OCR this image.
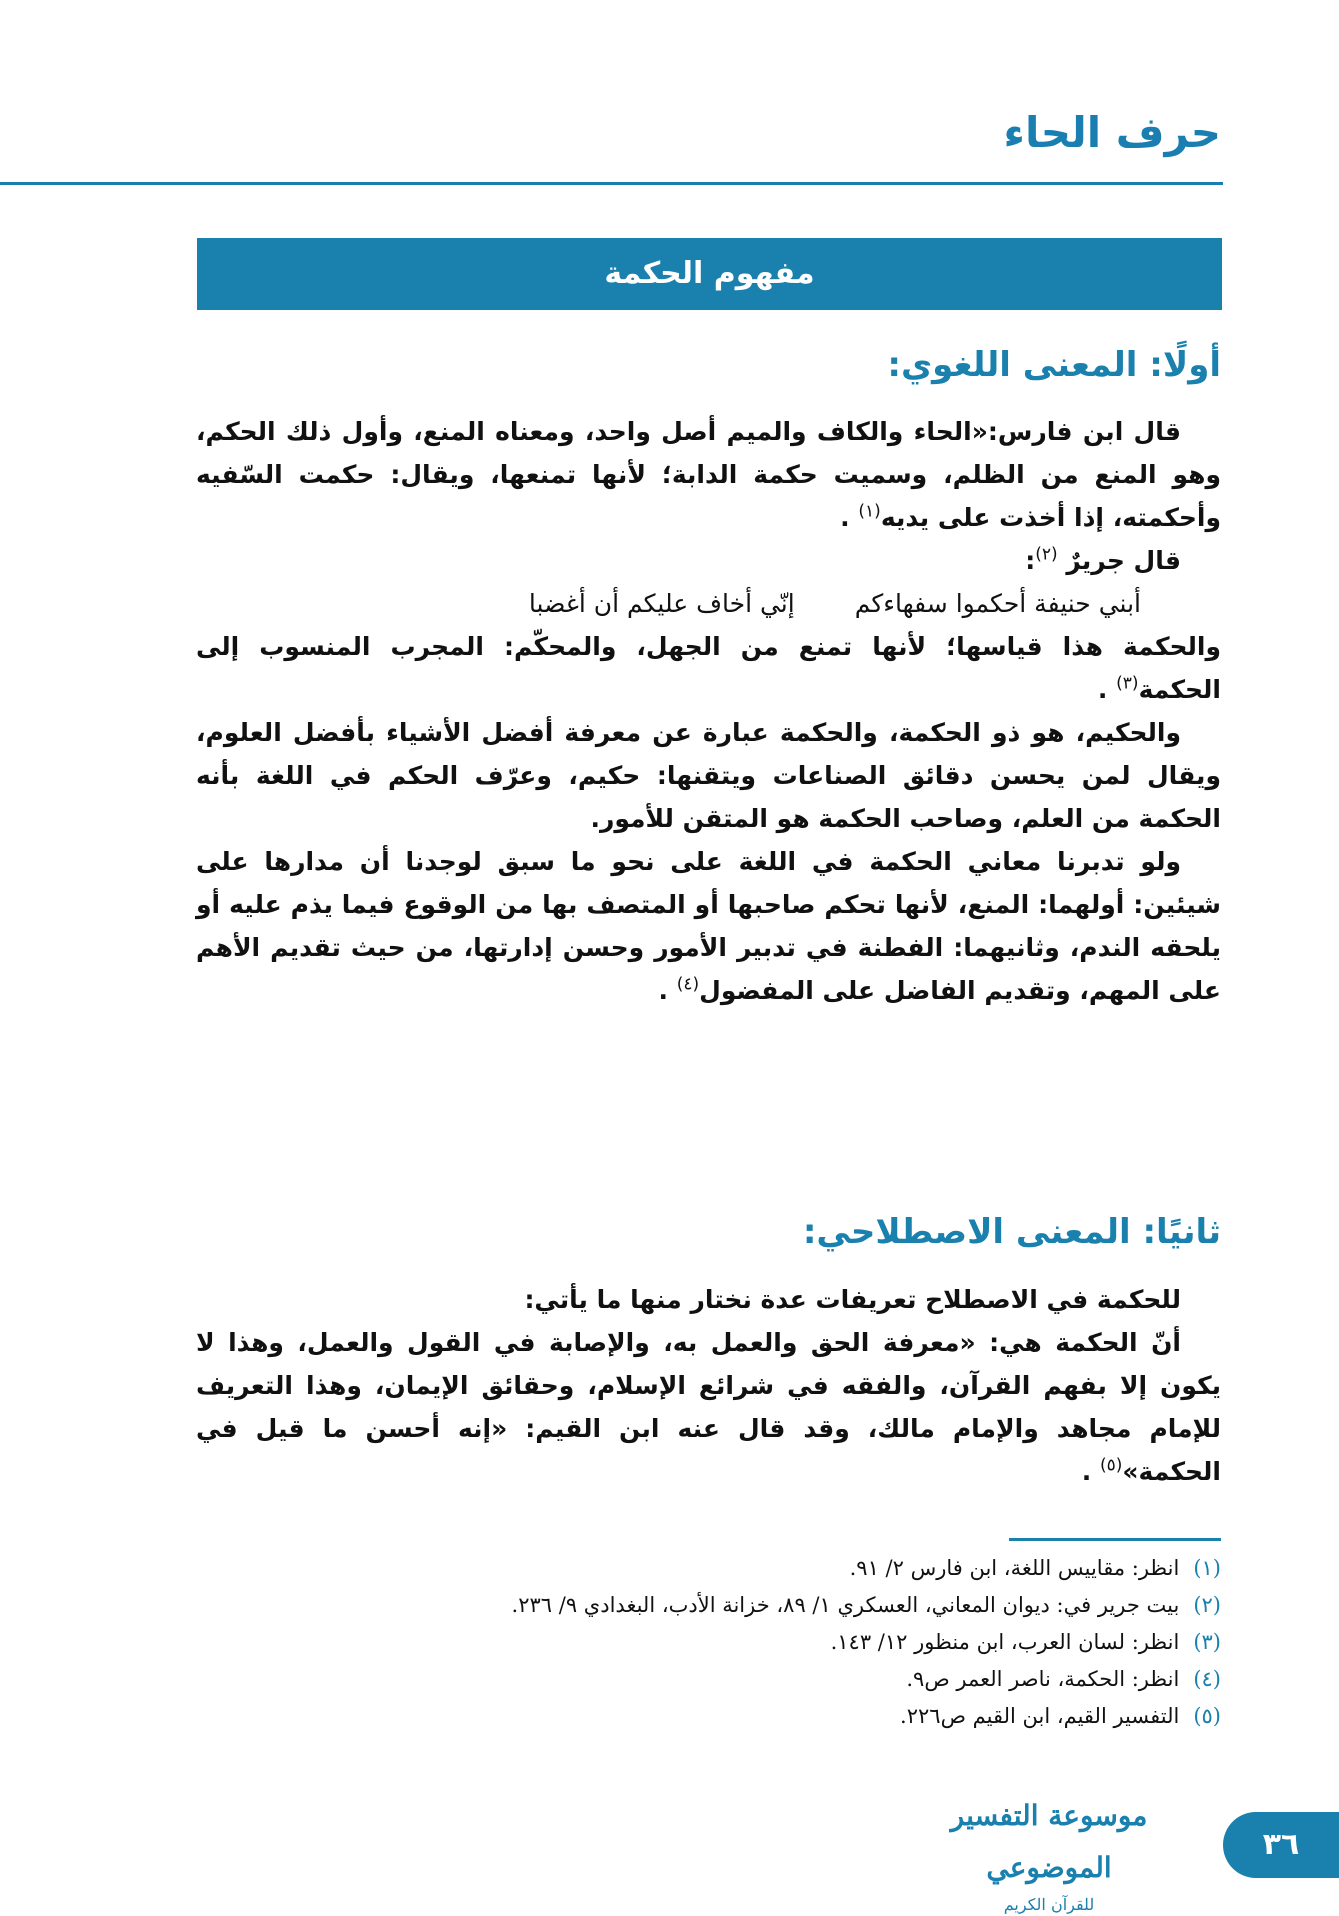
حرف الحاء
مفهوم الحكمة
أولًا: المعنى اللغوي:

قال ابن فارس:«الحاء والكاف والميم أصل واحد، ومعناه المنع، وأول ذلك الحكم، وهو المنع من الظلم، وسميت حكمة الدابة؛ لأنها تمنعها، ويقال: حكمت السّفيه وأحكمته، إذا أخذت على يديه$^{(١)}$ .

قال جريرٌ $^{(٢)}$:

أبني حنيفة أحكموا سفهاءكم
إنّي أخاف عليكم أن أغضبا

والحكمة هذا قياسها؛ لأنها تمنع من الجهل، والمحكّم: المجرب المنسوب إلى الحكمة$^{(٣)}$ .

والحكيم، هو ذو الحكمة، والحكمة عبارة عن معرفة أفضل الأشياء بأفضل العلوم، ويقال لمن يحسن دقائق الصناعات ويتقنها: حكيم، وعرّف الحكم في اللغة بأنه الحكمة من العلم، وصاحب الحكمة هو المتقن للأمور.

ولو تدبرنا معاني الحكمة في اللغة على نحو ما سبق لوجدنا أن مدارها على شيئين: أولهما: المنع، لأنها تحكم صاحبها أو المتصف بها من الوقوع فيما يذم عليه أو يلحقه الندم، وثانيهما: الفطنة في تدبير الأمور وحسن إدارتها، من حيث تقديم الأهم على المهم، وتقديم الفاضل على المفضول$^{(٤)}$ .

ثانيًا: المعنى الاصطلاحي:

للحكمة في الاصطلاح تعريفات عدة نختار منها ما يأتي:

أنّ الحكمة هي: «معرفة الحق والعمل به، والإصابة في القول والعمل، وهذا لا يكون إلا بفهم القرآن، والفقه في شرائع الإسلام، وحقائق الإيمان، وهذا التعريف للإمام مجاهد والإمام مالك، وقد قال عنه ابن القيم: «إنه أحسن ما قيل في الحكمة»$^{(٥)}$ .

(١)
انظر: مقاييس اللغة، ابن فارس ٢/ ٩١.
(٢)
بيت جرير في: ديوان المعاني، العسكري ١/ ٨٩، خزانة الأدب، البغدادي ٩/ ٢٣٦.
(٣)
انظر: لسان العرب، ابن منظور ١٢/ ١٤٣.
(٤)
انظر: الحكمة، ناصر العمر ص٩.
(٥)
التفسير القيم، ابن القيم ص٢٢٦.
موسوعة التفسير الموضوعي
للقرآن الكريم
٣٦
